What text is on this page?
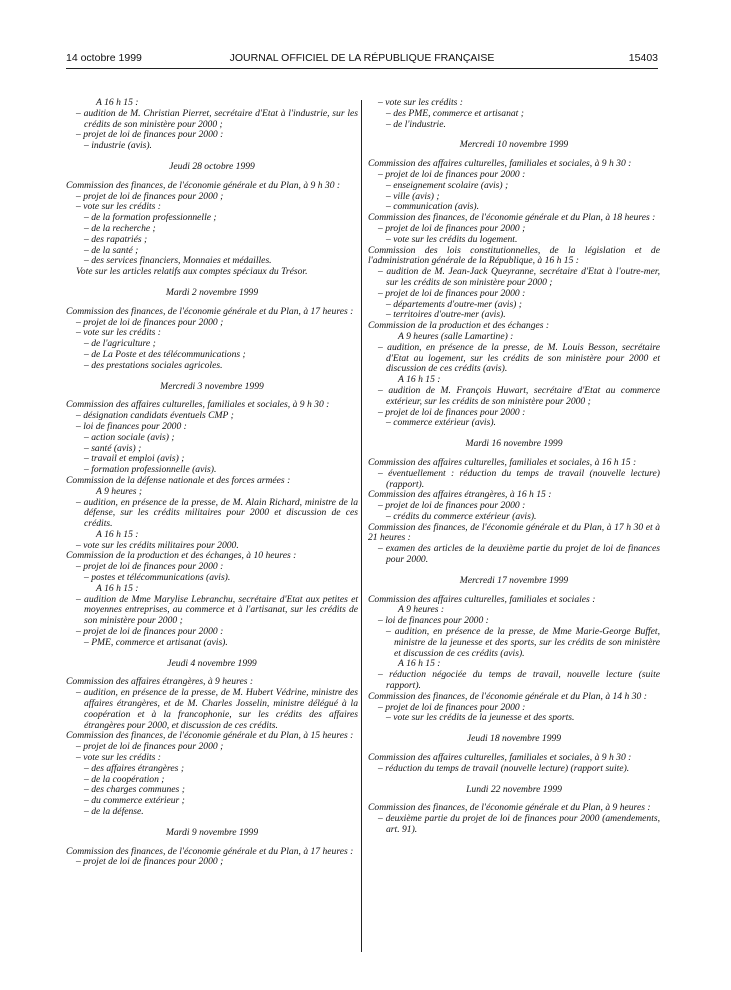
14 octobre 1999	JOURNAL OFFICIEL DE LA RÉPUBLIQUE FRANÇAISE	15403

A 16 h 15 :

– audition de M. Christian Pierret, secrétaire d'Etat à l'industrie, sur les crédits de son ministère pour 2000 ;

– projet de loi de finances pour 2000 :

– industrie (avis).

Jeudi 28 octobre 1999

Commission des finances, de l'économie générale et du Plan, à 9 h 30 :

– projet de loi de finances pour 2000 ;

– vote sur les crédits :

– de la formation professionnelle ;

– de la recherche ;

– des rapatriés ;

– de la santé ;

– des services financiers, Monnaies et médailles.

Vote sur les articles relatifs aux comptes spéciaux du Trésor.

Mardi 2 novembre 1999

Commission des finances, de l'économie générale et du Plan, à 17 heures :

– projet de loi de finances pour 2000 ;

– vote sur les crédits :

– de l'agriculture ;

– de La Poste et des télécommunications ;

– des prestations sociales agricoles.

Mercredi 3 novembre 1999

Commission des affaires culturelles, familiales et sociales, à 9 h 30 :

– désignation candidats éventuels CMP ;

– loi de finances pour 2000 :

– action sociale (avis) ;

– santé (avis) ;

– travail et emploi (avis) ;

– formation professionnelle (avis).

Commission de la défense nationale et des forces armées :

A 9 heures ;

– audition, en présence de la presse, de M. Alain Richard, ministre de la défense, sur les crédits militaires pour 2000 et discussion de ces crédits.

A 16 h 15 :

– vote sur les crédits militaires pour 2000.

Commission de la production et des échanges, à 10 heures :

– projet de loi de finances pour 2000 :

– postes et télécommunications (avis).

A 16 h 15 :

– audition de Mme Marylise Lebranchu, secrétaire d'Etat aux petites et moyennes entreprises, au commerce et à l'artisanat, sur les crédits de son ministère pour 2000 ;

– projet de loi de finances pour 2000 :

– PME, commerce et artisanat (avis).

Jeudi 4 novembre 1999

Commission des affaires étrangères, à 9 heures :

– audition, en présence de la presse, de M. Hubert Védrine, ministre des affaires étrangères, et de M. Charles Josselin, ministre délégué à la coopération et à la francophonie, sur les crédits des affaires étrangères pour 2000, et discussion de ces crédits.

Commission des finances, de l'économie générale et du Plan, à 15 heures :

– projet de loi de finances pour 2000 ;

– vote sur les crédits :

– des affaires étrangères ;

– de la coopération ;

– des charges communes ;

– du commerce extérieur ;

– de la défense.

Mardi 9 novembre 1999

Commission des finances, de l'économie générale et du Plan, à 17 heures :

– projet de loi de finances pour 2000 ;

– vote sur les crédits :

– des PME, commerce et artisanat ;

– de l'industrie.

Mercredi 10 novembre 1999

Commission des affaires culturelles, familiales et sociales, à 9 h 30 :

– projet de loi de finances pour 2000 :

– enseignement scolaire (avis) ;

– ville (avis) ;

– communication (avis).

Commission des finances, de l'économie générale et du Plan, à 18 heures :

– projet de loi de finances pour 2000 ;

– vote sur les crédits du logement.

Commission des lois constitutionnelles, de la législation et de l'administration générale de la République, à 16 h 15 :

– audition de M. Jean-Jack Queyranne, secrétaire d'Etat à l'outre-mer, sur les crédits de son ministère pour 2000 ;

– projet de loi de finances pour 2000 :

– départements d'outre-mer (avis) ;

– territoires d'outre-mer (avis).

Commission de la production et des échanges :

A 9 heures (salle Lamartine) :

– audition, en présence de la presse, de M. Louis Besson, secrétaire d'Etat au logement, sur les crédits de son ministère pour 2000 et discussion de ces crédits (avis).

A 16 h 15 :

– audition de M. François Huwart, secrétaire d'Etat au commerce extérieur, sur les crédits de son ministère pour 2000 ;

– projet de loi de finances pour 2000 :

– commerce extérieur (avis).

Mardi 16 novembre 1999

Commission des affaires culturelles, familiales et sociales, à 16 h 15 :

– éventuellement : réduction du temps de travail (nouvelle lecture) (rapport).

Commission des affaires étrangères, à 16 h 15 :

– projet de loi de finances pour 2000 :

– crédits du commerce extérieur (avis).

Commission des finances, de l'économie générale et du Plan, à 17 h 30 et à 21 heures :

– examen des articles de la deuxième partie du projet de loi de finances pour 2000.

Mercredi 17 novembre 1999

Commission des affaires culturelles, familiales et sociales :

A 9 heures :

– loi de finances pour 2000 :

– audition, en présence de la presse, de Mme Marie-George Buffet, ministre de la jeunesse et des sports, sur les crédits de son ministère et discussion de ces crédits (avis).

A 16 h 15 :

– réduction négociée du temps de travail, nouvelle lecture (suite rapport).

Commission des finances, de l'économie générale et du Plan, à 14 h 30 :

– projet de loi de finances pour 2000 :

– vote sur les crédits de la jeunesse et des sports.

Jeudi 18 novembre 1999

Commission des affaires culturelles, familiales et sociales, à 9 h 30 :

– réduction du temps de travail (nouvelle lecture) (rapport suite).

Lundi 22 novembre 1999

Commission des finances, de l'économie générale et du Plan, à 9 heures :

– deuxième partie du projet de loi de finances pour 2000 (amendements, art. 91).
